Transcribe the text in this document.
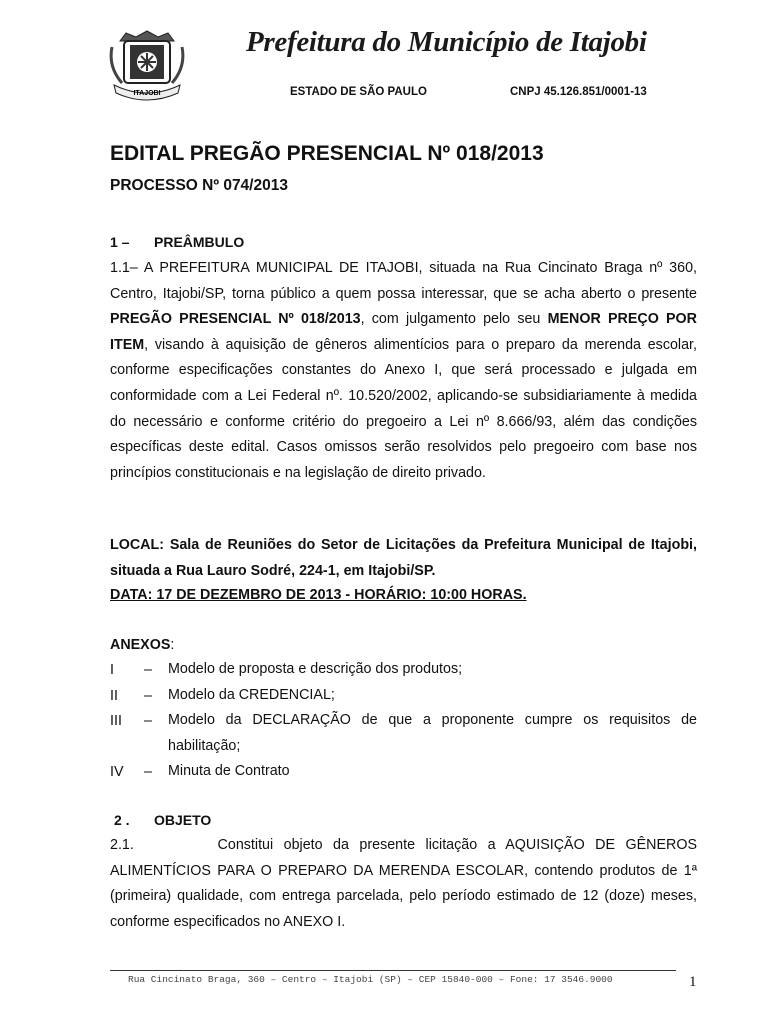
ITAJOBI
Prefeitura do Município de Itajobi
ESTADO DE SÃO PAULO	CNPJ 45.126.851/0001-13
EDITAL PREGÃO PRESENCIAL Nº 018/2013
PROCESSO Nº 074/2013
1 – PREÂMBULO
1.1– A PREFEITURA MUNICIPAL DE ITAJOBI, situada na Rua Cincinato Braga nº 360, Centro, Itajobi/SP, torna público a quem possa interessar, que se acha aberto o presente PREGÃO PRESENCIAL Nº 018/2013, com julgamento pelo seu MENOR PREÇO POR ITEM, visando à aquisição de gêneros alimentícios para o preparo da merenda escolar, conforme especificações constantes do Anexo I, que será processado e julgada em conformidade com a Lei Federal nº. 10.520/2002, aplicando-se subsidiariamente à medida do necessário e conforme critério do pregoeiro a Lei nº 8.666/93, além das condições específicas deste edital. Casos omissos serão resolvidos pelo pregoeiro com base nos princípios constitucionais e na legislação de direito privado.
LOCAL: Sala de Reuniões do Setor de Licitações da Prefeitura Municipal de Itajobi, situada a Rua Lauro Sodré, 224-1, em Itajobi/SP.
DATA: 17 DE DEZEMBRO DE 2013 - HORÁRIO: 10:00 HORAS.
ANEXOS:
I – Modelo de proposta e descrição dos produtos;
II – Modelo da CREDENCIAL;
III – Modelo da DECLARAÇÃO de que a proponente cumpre os requisitos de habilitação;
IV – Minuta de Contrato
2 . OBJETO
2.1.        Constitui objeto da presente licitação a AQUISIÇÃO DE GÊNEROS ALIMENTÍCIOS PARA O PREPARO DA MERENDA ESCOLAR, contendo produtos de 1ª (primeira) qualidade, com entrega parcelada, pelo período estimado de 12 (doze) meses, conforme especificados no ANEXO I.
Rua Cincinato Braga, 360 – Centro – Itajobi (SP) – CEP 15840-000 – Fone: 17 3546.9000	1
